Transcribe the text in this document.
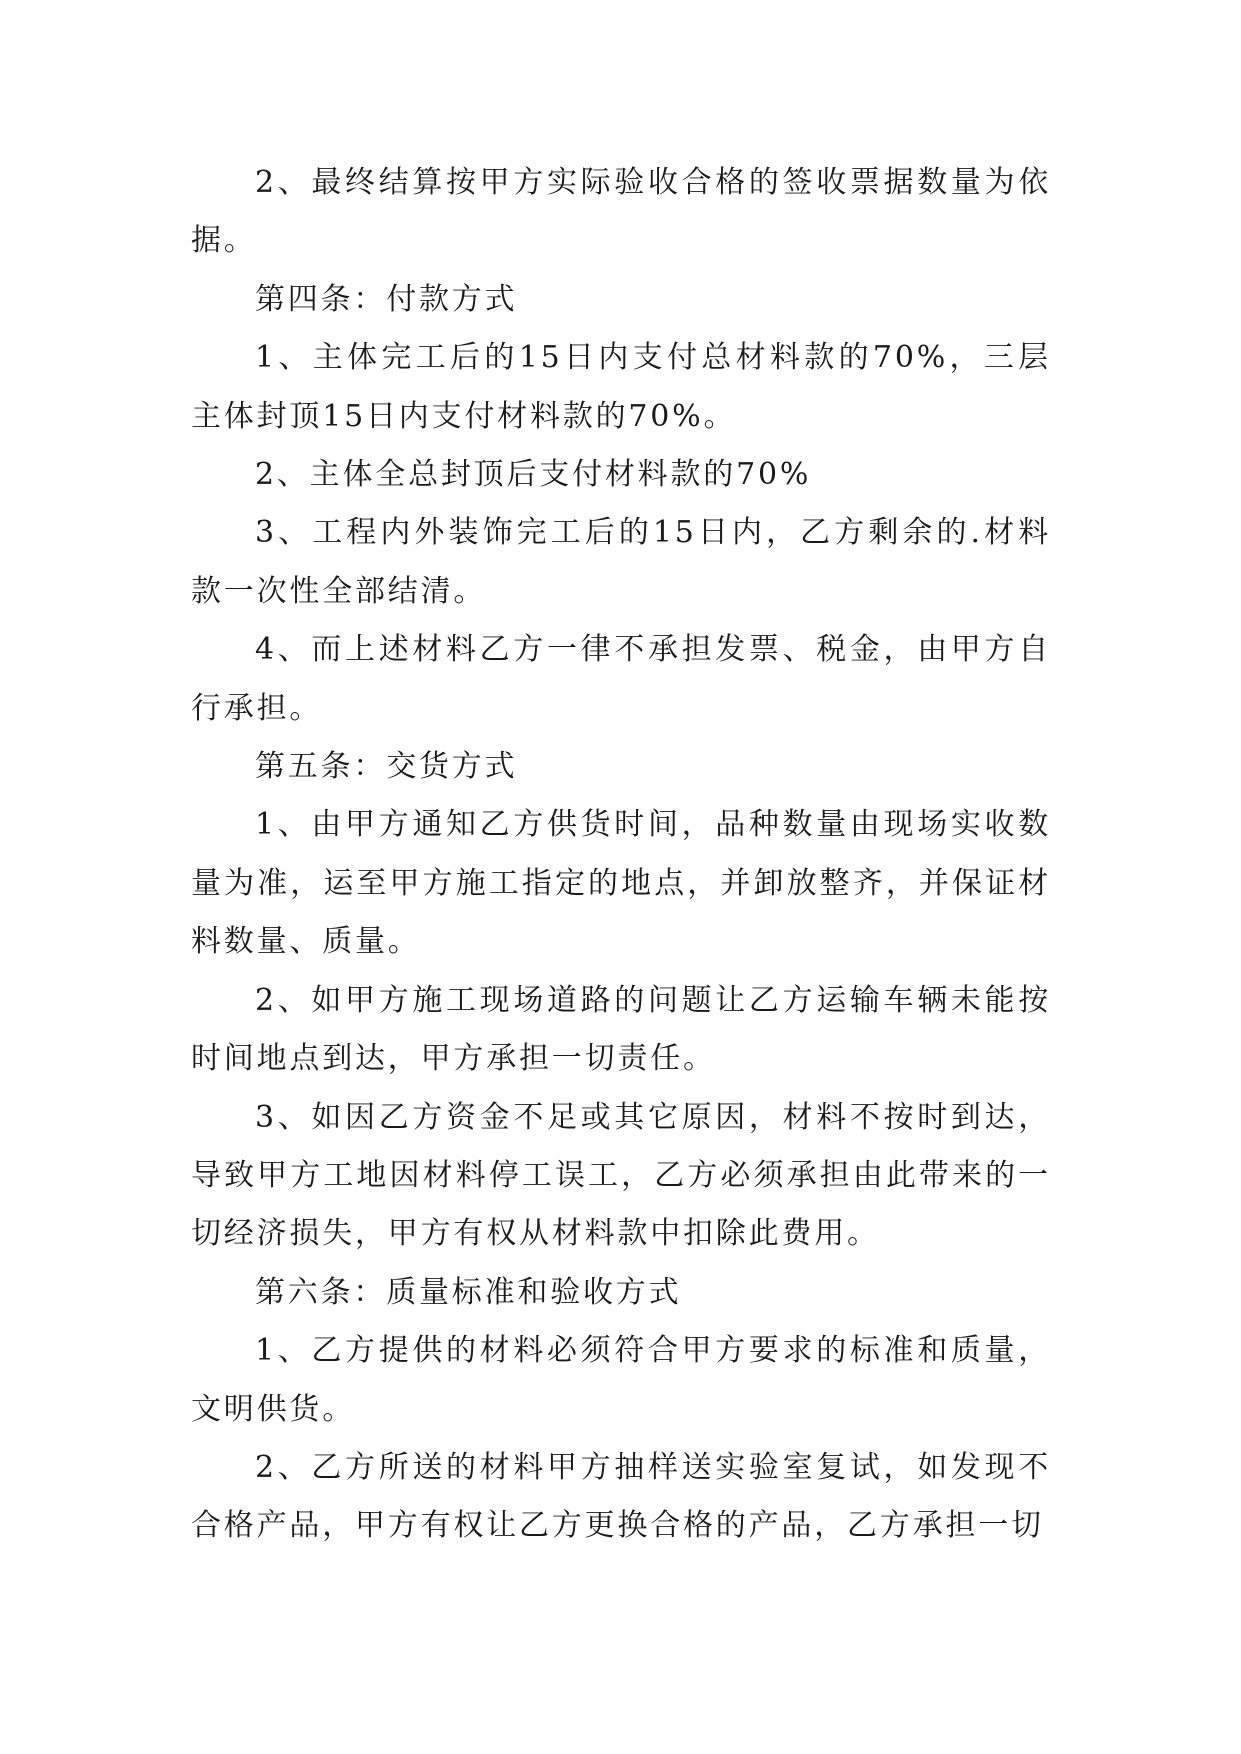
2、最终结算按甲方实际验收合格的签收票据数量为依据。

第四条：付款方式

1、主体完工后的15日内支付总材料款的70%，三层主体封顶15日内支付材料款的70%。

2、主体全总封顶后支付材料款的70%

3、工程内外装饰完工后的15日内，乙方剩余的.材料款一次性全部结清。

4、而上述材料乙方一律不承担发票、税金，由甲方自行承担。

第五条：交货方式

1、由甲方通知乙方供货时间，品种数量由现场实收数量为准，运至甲方施工指定的地点，并卸放整齐，并保证材料数量、质量。

2、如甲方施工现场道路的问题让乙方运输车辆未能按时间地点到达，甲方承担一切责任。

3、如因乙方资金不足或其它原因，材料不按时到达，导致甲方工地因材料停工误工，乙方必须承担由此带来的一切经济损失，甲方有权从材料款中扣除此费用。

第六条：质量标准和验收方式

1、乙方提供的材料必须符合甲方要求的标准和质量，文明供货。

2、乙方所送的材料甲方抽样送实验室复试，如发现不合格产品，甲方有权让乙方更换合格的产品，乙方承担一切
